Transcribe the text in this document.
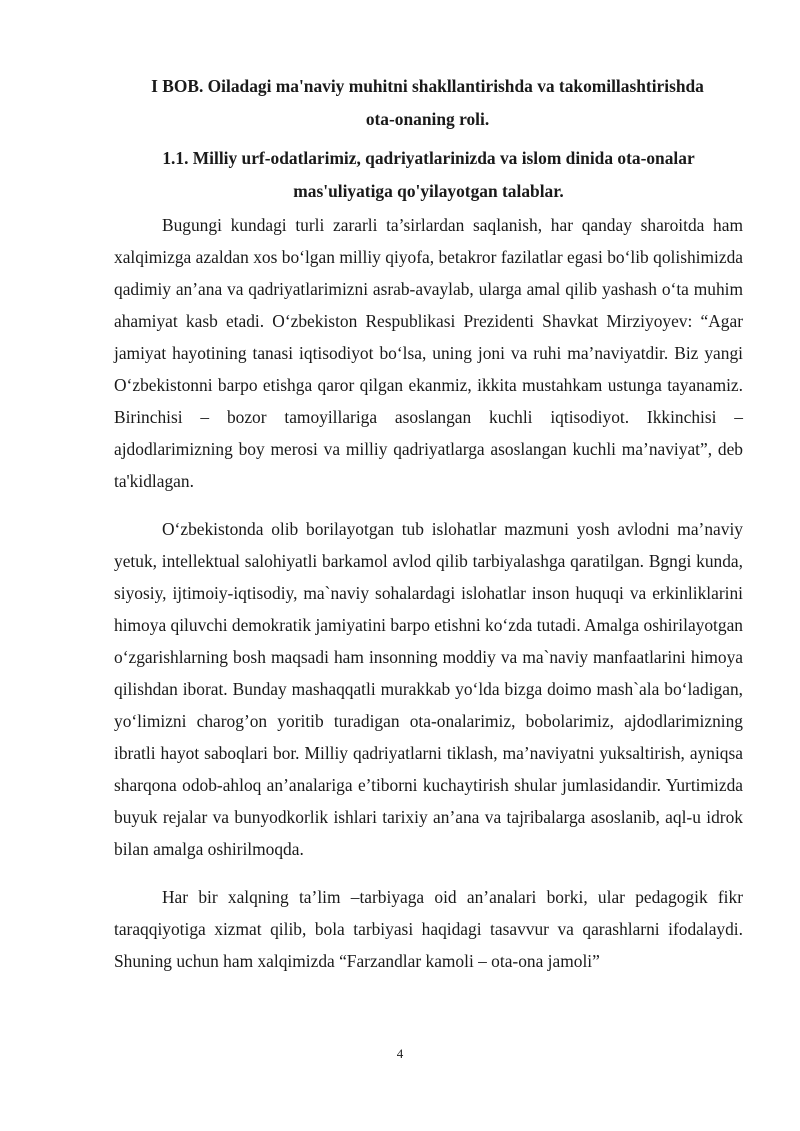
I BOB. Oiladagi ma'naviy muhitni shakllantirishda va takomillashtirishda
ota-onaning roli.
1.1. Milliy urf-odatlarimiz, qadriyatlarinizda va islom dinida ota-onalar
mas'uliyatiga qo'yilayotgan talablar.

Bugungi kundagi turli zararli ta’sirlardan saqlanish, har qanday sharoitda ham xalqimizga azaldan xos bo‘lgan milliy qiyofa, betakror fazilatlar egasi bo‘lib qolishimizda qadimiy an’ana va qadriyatlarimizni asrab-avaylab, ularga amal qilib yashash o‘ta muhim ahamiyat kasb etadi. O‘zbekiston Respublikasi Prezidenti Shavkat Mirziyoyev: “Agar jamiyat hayotining tanasi iqtisodiyot bo‘lsa, uning joni va ruhi ma’naviyatdir. Biz yangi O‘zbekistonni barpo etishga qaror qilgan ekanmiz, ikkita mustahkam ustunga tayanamiz. Birinchisi – bozor tamoyillariga asoslangan kuchli iqtisodiyot. Ikkinchisi – ajdodlarimizning boy merosi va milliy qadriyatlarga asoslangan kuchli ma’naviyat”, deb ta'kidlagan.

O‘zbekistonda olib borilayotgan tub islohatlar mazmuni yosh avlodni ma’naviy yetuk, intellektual salohiyatli barkamol avlod qilib tarbiyalashga qaratilgan. Bgngi kunda, siyosiy, ijtimoiy-iqtisodiy, ma`naviy sohalardagi islohatlar inson huquqi va erkinliklarini himoya qiluvchi demokratik jamiyatini barpo etishni ko‘zda tutadi. Amalga oshirilayotgan o‘zgarishlarning bosh maqsadi ham insonning moddiy va ma`naviy manfaatlarini himoya qilishdan iborat. Bunday mashaqqatli murakkab yo‘lda bizga doimo mash`ala bo‘ladigan, yo‘limizni charog’on yoritib turadigan ota-onalarimiz, bobolarimiz, ajdodlarimizning ibratli hayot saboqlari bor. Milliy qadriyatlarni tiklash, ma’naviyatni yuksaltirish, ayniqsa sharqona odob-ahloq an’analariga e’tiborni kuchaytirish shular jumlasidandir. Yurtimizda buyuk rejalar va bunyodkorlik ishlari tarixiy an’ana va tajribalarga asoslanib, aql-u idrok bilan amalga oshirilmoqda.

Har bir xalqning ta’lim –tarbiyaga oid an’analari borki, ular pedagogik fikr taraqqiyotiga xizmat qilib, bola tarbiyasi haqidagi tasavvur va qarashlarni ifodalaydi. Shuning uchun ham xalqimizda “Farzandlar kamoli – ota-ona jamoli”

4
